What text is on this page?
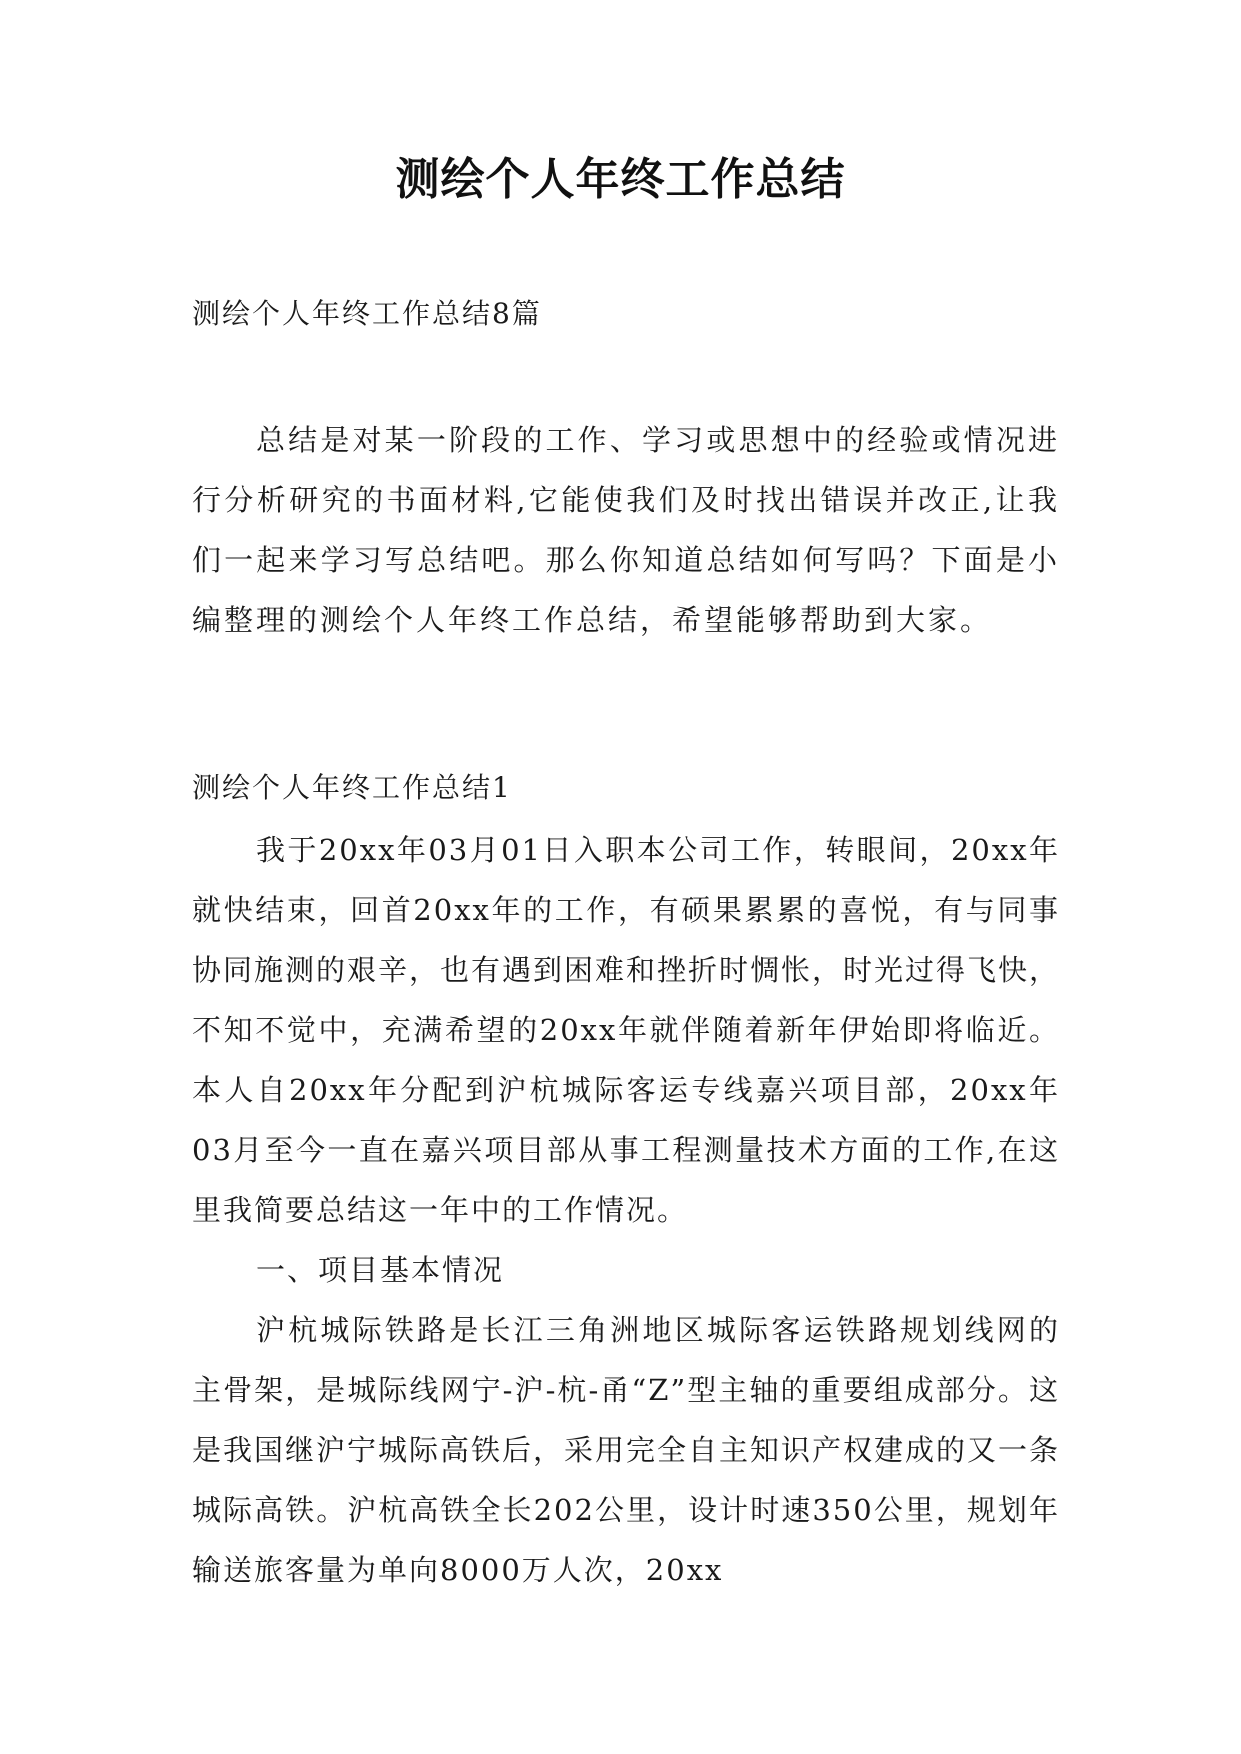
测绘个人年终工作总结
测绘个人年终工作总结8篇

总结是对某一阶段的工作、学习或思想中的经验或情况进行分析研究的书面材料,它能使我们及时找出错误并改正,让我们一起来学习写总结吧。那么你知道总结如何写吗？下面是小编整理的测绘个人年终工作总结，希望能够帮助到大家。

测绘个人年终工作总结1

我于20xx年03月01日入职本公司工作，转眼间，20xx年就快结束，回首20xx年的工作，有硕果累累的喜悦，有与同事协同施测的艰辛，也有遇到困难和挫折时惆怅，时光过得飞快，不知不觉中，充满希望的20xx年就伴随着新年伊始即将临近。本人自20xx年分配到沪杭城际客运专线嘉兴项目部，20xx年03月至今一直在嘉兴项目部从事工程测量技术方面的工作,在这里我简要总结这一年中的工作情况。

一、项目基本情况

沪杭城际铁路是长江三角洲地区城际客运铁路规划线网的主骨架，是城际线网宁-沪-杭-甬“Z”型主轴的重要组成部分。这是我国继沪宁城际高铁后，采用完全自主知识产权建成的又一条城际高铁。沪杭高铁全长202公里，设计时速350公里，规划年输送旅客量为单向8000万人次，20xx
